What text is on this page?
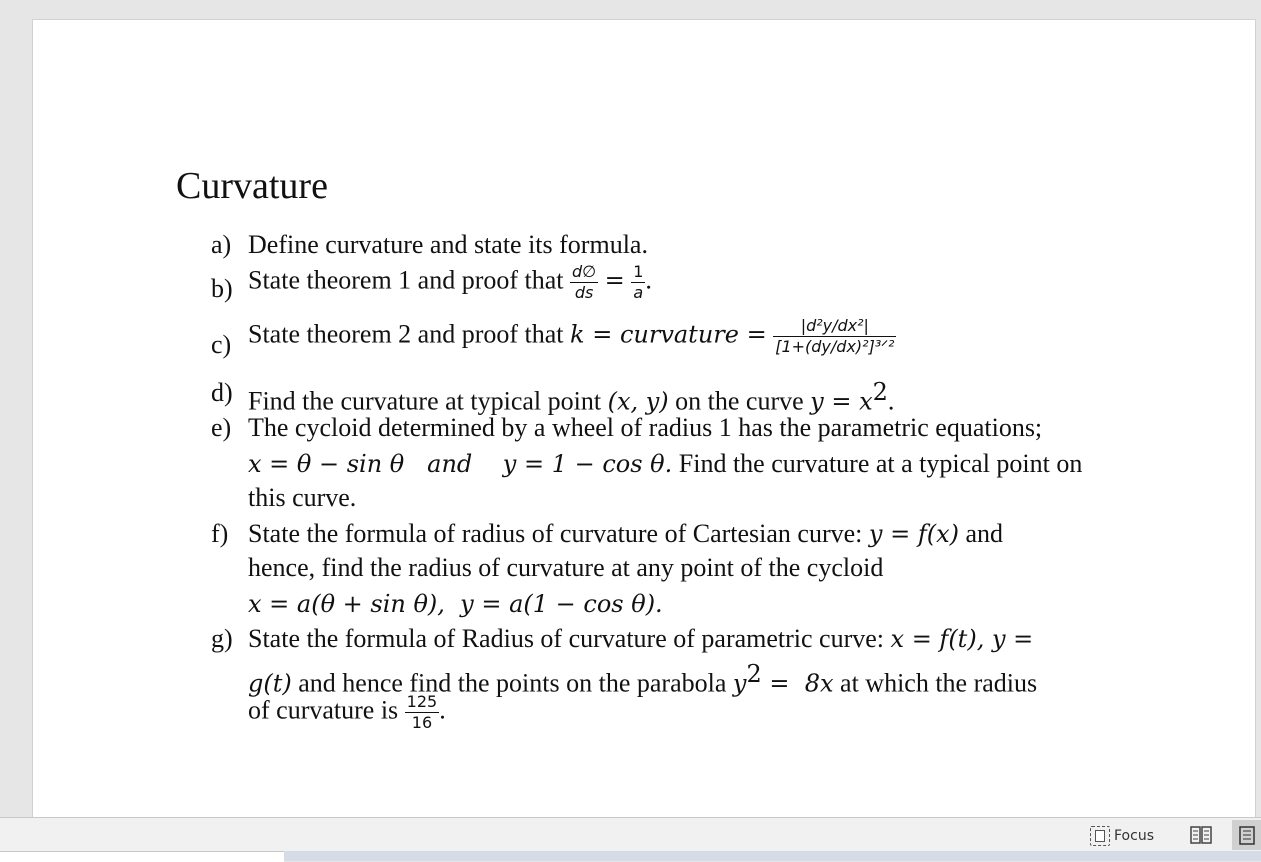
Curvature
a) Define curvature and state its formula.
b) State theorem 1 and proof that $\frac{d\emptyset}{ds} = \frac{1}{a}$ .
c) State theorem 2 and proof that k = curvature = $\frac{\text{|d²y/dx²|}}{\text{[1+(dy/dx)²]³ᐟ²}}$
d) Find the curvature at typical point (x, y) on the curve $y = x^2$.
e) The cycloid determined by a wheel of radius 1 has the parametric equations;
x = θ − sin θ   and    y = 1 − cos θ. Find the curvature at a typical point on
this curve.
f) State the formula of radius of curvature of Cartesian curve: y = f(x) and
hence, find the radius of curvature at any point of the cycloid
x = a(θ + sin θ),  y = a(1 − cos θ).
g) State the formula of Radius of curvature of parametric curve: x = f(t), y =
g(t) and hence find the points on the parabola $y^2 = 8x$ at which the radius
of curvature is $\frac{125}{16}$ .
Focus
